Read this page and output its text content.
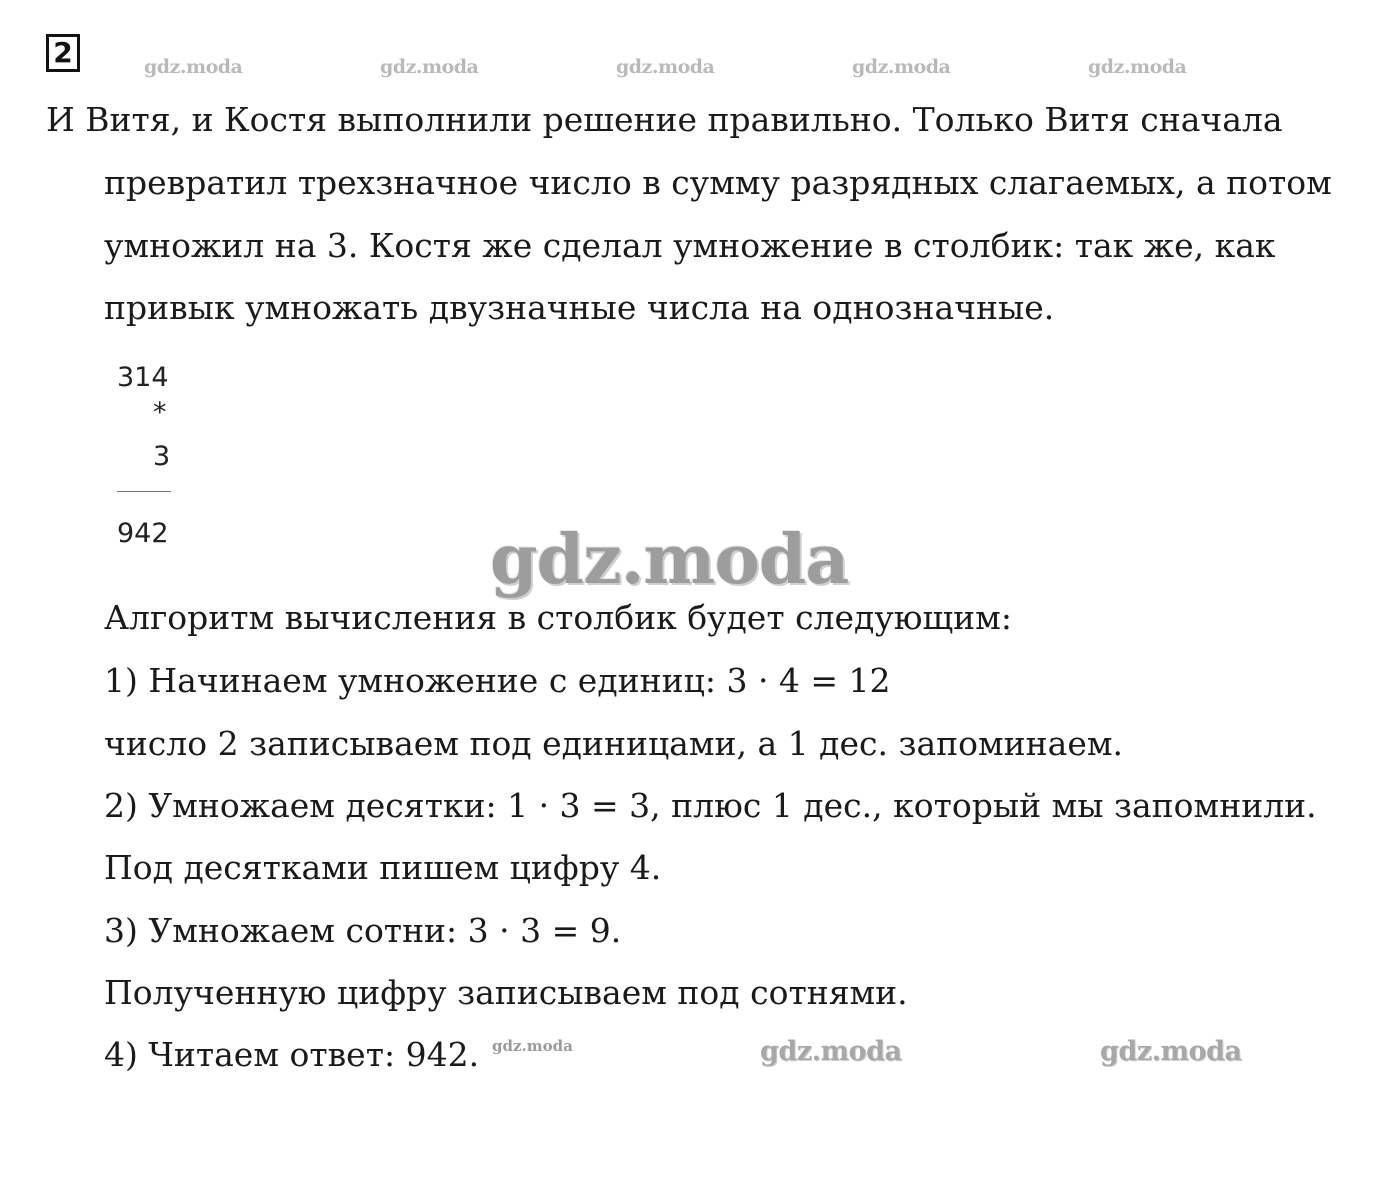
2	gdz.moda	gdz.moda	gdz.moda	gdz.moda	gdz.moda
И Витя, и Костя выполнили решение правильно. Только Витя сначала
превратил трехзначное число в сумму разрядных слагаемых, а потом
умножил на 3. Костя же сделал умножение в столбик: так же, как
привык умножать двузначные числа на однозначные.
314
*
3
942	gdz.moda
Алгоритм вычисления в столбик будет следующим:
1) Начинаем умножение с единиц: 3 · 4 = 12
число 2 записываем под единицами, а 1 дес. запоминаем.
2) Умножаем десятки: 1 · 3 = 3, плюс 1 дес., который мы запомнили.
Под десятками пишем цифру 4.
3) Умножаем сотни: 3 · 3 = 9.
Полученную цифру записываем под сотнями.
4) Читаем ответ: 942. gdz.moda	gdz.moda	gdz.moda
